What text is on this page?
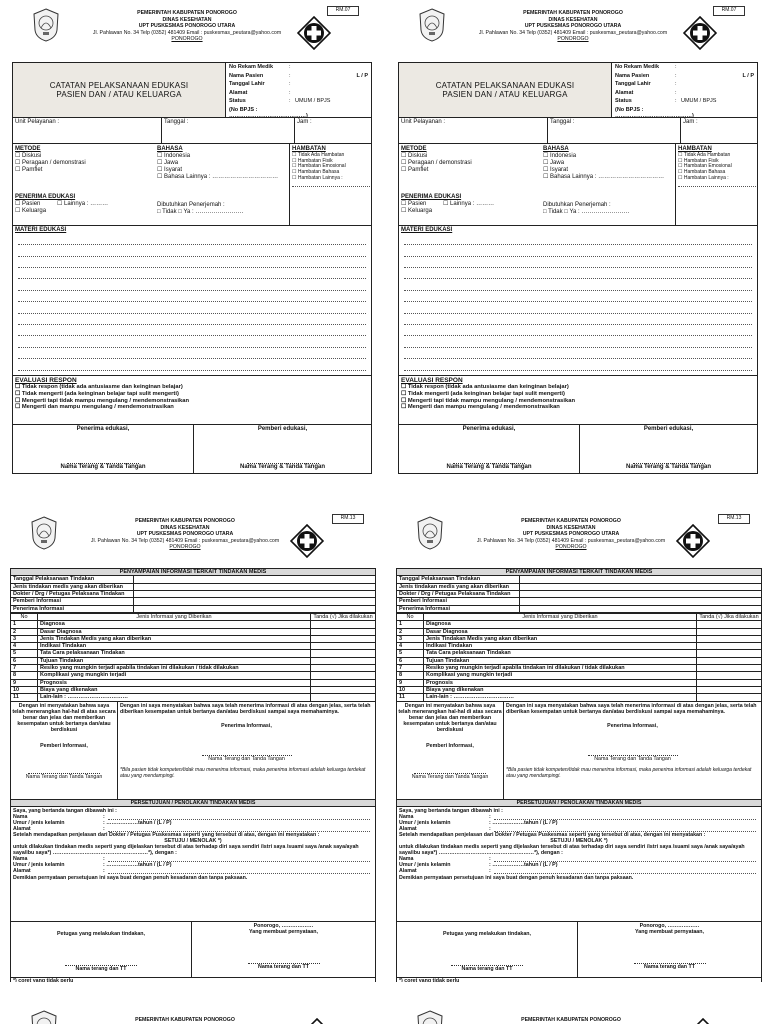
PEMERINTAH KABUPATEN PONOROGO
DINAS KESEHATAN
UPT PUSKESMAS PONOROGO UTARA
Jl. Pahlawan No. 34 Telp (0352) 481409 Email : puskesmas_peutara@yahoo.com
PONOROGO
RM.07
CATATAN PELAKSANAAN EDUKASI
PASIEN DAN / ATAU KELUARGA
No Rekam Medik	:
Nama Pasien	:	L / P
Tanggal Lahir	:
Alamat	:
Status	: UMUM / BPJS
(No BPJS : ……………………………………)
Unit Pelayanan :	Tanggal :	Jam :
METODE
☐ Diskusi
☐ Peragaan / demonstrasi
☐ Pamflet
PENERIMA EDUKASI
☐ Pasien	☐ Lainnya : ………
☐ Keluarga
BAHASA
☐ Indonesia
☐ Jawa
☐ Isyarat
☐ Bahasa Lainnya : ……………………………
Dibutuhkan Penerjemah :
□ Tidak □ Ya : ……………………
HAMBATAN
☐ Tidak Ada Hambatan
☐ Hambatan Fisik
☐ Hambatan Emosional
☐ Hambatan Bahasa
☐ Hambatan Lainnya :
MATERI EDUKASI
EVALUASI RESPON
☐ Tidak respon (tidak ada antusiasme dan keinginan belajar)
☐ Tidak mengerti (ada keinginan belajar tapi sulit mengerti)
☐ Mengerti tapi tidak mampu mengulang / mendemonstrasikan
☐ Mengerti dan mampu mengulang / mendemonstrasikan
Penerima edukasi,
Nama Terang & Tanda Tangan
Pemberi edukasi,
Nama Terang & Tanda Tangan
PEMERINTAH KABUPATEN PONOROGO
DINAS KESEHATAN
UPT PUSKESMAS PONOROGO UTARA
Jl. Pahlawan No. 34 Telp (0352) 481409 Email : puskesmas_peutara@yahoo.com
PONOROGO
RM.07
CATATAN PELAKSANAAN EDUKASI
PASIEN DAN / ATAU KELUARGA
No Rekam Medik	:
Nama Pasien	:	L / P
Tanggal Lahir	:
Alamat	:
Status	: UMUM / BPJS
(No BPJS : ……………………………………)
Unit Pelayanan :	Tanggal :	Jam :
METODE
☐ Diskusi
☐ Peragaan / demonstrasi
☐ Pamflet
PENERIMA EDUKASI
☐ Pasien	☐ Lainnya : ………
☐ Keluarga
BAHASA
☐ Indonesia
☐ Jawa
☐ Isyarat
☐ Bahasa Lainnya : ……………………………
Dibutuhkan Penerjemah :
□ Tidak □ Ya : ……………………
HAMBATAN
☐ Tidak Ada Hambatan
☐ Hambatan Fisik
☐ Hambatan Emosional
☐ Hambatan Bahasa
☐ Hambatan Lainnya :
MATERI EDUKASI
EVALUASI RESPON
☐ Tidak respon (tidak ada antusiasme dan keinginan belajar)
☐ Tidak mengerti (ada keinginan belajar tapi sulit mengerti)
☐ Mengerti tapi tidak mampu mengulang / mendemonstrasikan
☐ Mengerti dan mampu mengulang / mendemonstrasikan
Penerima edukasi,
Nama Terang & Tanda Tangan
Pemberi edukasi,
Nama Terang & Tanda Tangan
PEMERINTAH KABUPATEN PONOROGO
DINAS KESEHATAN
UPT PUSKESMAS PONOROGO UTARA
Jl. Pahlawan No. 34 Telp (0352) 481409 Email : puskesmas_peutara@yahoo.com
PONOROGO
RM.13
PENYAMPAIAN INFORMASI TERKAIT TINDAKAN MEDIS	
Tanggal Pelaksanaan Tindakan	
Jenis tindakan medis yang akan diberikan	
Dokter / Drg / Petugas Pelaksana Tindakan	
Pemberi Informasi	
Penerima Informasi	
No	Jenis Informasi yang Diberikan	Tanda (√) Jika dilakukan
1	Diagnosa	
2	Dasar Diagnosa	
3	Jenis Tindakan Medis yang akan diberikan	
4	Indikasi Tindakan	
5	Tata Cara pelaksanaan Tindakan	
6	Tujuan Tindakan	
7	Resiko yang mungkin terjadi apabila tindakan ini dilakukan / tidak dilakukan	
8	Komplikasi yang mungkin terjadi	
9	Prognosis	
10	Biaya yang dikenakan	
11	Lain-lain : ……………………………	
Dengan ini menyatakan bahwa saya telah menerangkan hal-hal di atas secara benar dan jelas dan memberikan kesempatan untuk bertanya dan/atau berdiskusi
Pemberi Informasi,
Nama Terang dan Tanda Tangan
Dengan ini saya menyatakan bahwa saya telah menerima informasi di atas dengan jelas, serta telah diberikan kesempatan untuk bertanya dan/atau berdiskusi sampai saya memahaminya.
Penerima Informasi,
Nama Terang dan Tanda Tangan
*Bila pasien tidak kompeten/tidak mau menerima informasi, maka penerima informasi adalah keluarga terdekat atau yang mendampingi.
PERSETUJUAN / PENOLAKAN TINDAKAN MEDIS
Saya, yang bertanda tangan dibawah ini :
Nama	:
Umur / jenis kelamin	: ………………tahun / (L / P)
Alamat	:
Setelah mendapatkan penjelasan dari Dokter / Petugas Puskesmas seperti yang tersebut di atas, dengan ini menyatakan :
SETUJU / MENOLAK *)
untuk dilakukan tindakan medis seperti yang dijelaskan tersebut di atas terhadap diri saya sendiri /istri saya /suami saya /anak saya/ayah saya/ibu saya*) ………………………………………………*), dengan :
Nama	:
Umur / jenis kelamin	: ………………tahun / (L / P)
Alamat	:
Demikian pernyataan persetujuan ini saya buat dengan penuh kesadaran dan tanpa paksaan.
Petugas yang melakukan tindakan,
Nama terang dan TT
Ponorogo, ………………
Yang membuat pernyataan,
Nama terang dan TT
*) coret yang tidak perlu
PEMERINTAH KABUPATEN PONOROGO
DINAS KESEHATAN
UPT PUSKESMAS PONOROGO UTARA
Jl. Pahlawan No. 34 Telp (0352) 481409 Email : puskesmas_peutara@yahoo.com
PONOROGO
RM.13
PENYAMPAIAN INFORMASI TERKAIT TINDAKAN MEDIS	
Tanggal Pelaksanaan Tindakan	
Jenis tindakan medis yang akan diberikan	
Dokter / Drg / Petugas Pelaksana Tindakan	
Pemberi Informasi	
Penerima Informasi	
No	Jenis Informasi yang Diberikan	Tanda (√) Jika dilakukan
1	Diagnosa	
2	Dasar Diagnosa	
3	Jenis Tindakan Medis yang akan diberikan	
4	Indikasi Tindakan	
5	Tata Cara pelaksanaan Tindakan	
6	Tujuan Tindakan	
7	Resiko yang mungkin terjadi apabila tindakan ini dilakukan / tidak dilakukan	
8	Komplikasi yang mungkin terjadi	
9	Prognosis	
10	Biaya yang dikenakan	
11	Lain-lain : ……………………………	
Dengan ini menyatakan bahwa saya telah menerangkan hal-hal di atas secara benar dan jelas dan memberikan kesempatan untuk bertanya dan/atau berdiskusi
Pemberi Informasi,
Nama Terang dan Tanda Tangan
Dengan ini saya menyatakan bahwa saya telah menerima informasi di atas dengan jelas, serta telah diberikan kesempatan untuk bertanya dan/atau berdiskusi sampai saya memahaminya.
Penerima Informasi,
Nama Terang dan Tanda Tangan
*Bila pasien tidak kompeten/tidak mau menerima informasi, maka penerima informasi adalah keluarga terdekat atau yang mendampingi.
PERSETUJUAN / PENOLAKAN TINDAKAN MEDIS
Saya, yang bertanda tangan dibawah ini :
Nama	:
Umur / jenis kelamin	: ………………tahun / (L / P)
Alamat	:
Setelah mendapatkan penjelasan dari Dokter / Petugas Puskesmas seperti yang tersebut di atas, dengan ini menyatakan :
SETUJU / MENOLAK *)
untuk dilakukan tindakan medis seperti yang dijelaskan tersebut di atas terhadap diri saya sendiri /istri saya /suami saya /anak saya/ayah saya/ibu saya*) ………………………………………………*), dengan :
Nama	:
Umur / jenis kelamin	: ………………tahun / (L / P)
Alamat	:
Demikian pernyataan persetujuan ini saya buat dengan penuh kesadaran dan tanpa paksaan.
Petugas yang melakukan tindakan,
Nama terang dan TT
Ponorogo, ………………
Yang membuat pernyataan,
Nama terang dan TT
*) coret yang tidak perlu
PEMERINTAH KABUPATEN PONOROGO	PEMERINTAH KABUPATEN PONOROGO
